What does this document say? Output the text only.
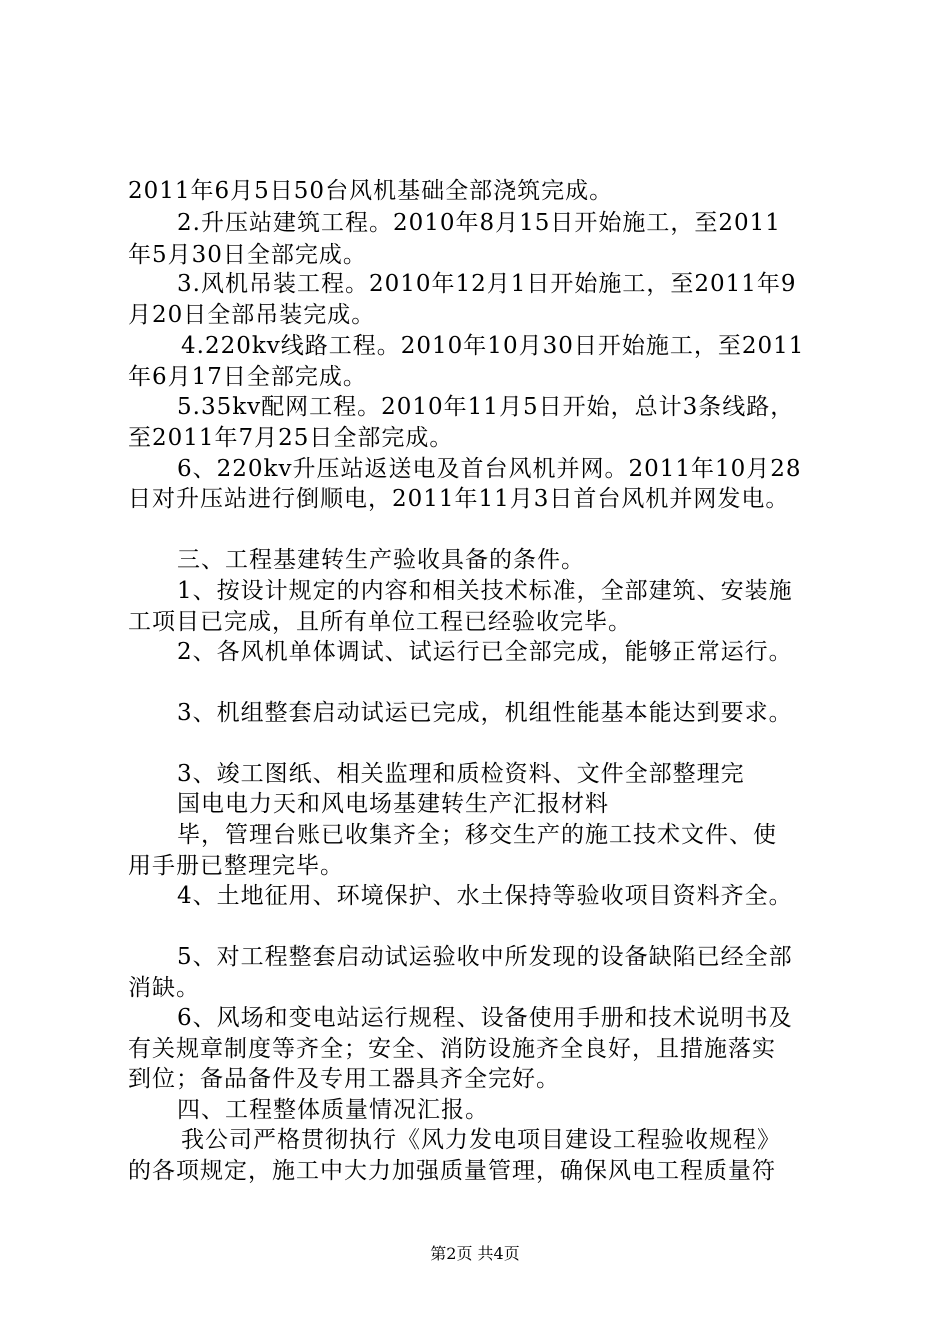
2011年6月5日50台风机基础全部浇筑完成。
2.升压站建筑工程。2010年8月15日开始施工，至2011
年5月30日全部完成。
3.风机吊装工程。2010年12月1日开始施工，至2011年9
月20日全部吊装完成。
4.220kv线路工程。2010年10月30日开始施工，至2011
年6月17日全部完成。
5.35kv配网工程。2010年11月5日开始，总计3条线路，
至2011年7月25日全部完成。
6、220kv升压站返送电及首台风机并网。2011年10月28
日对升压站进行倒顺电，2011年11月3日首台风机并网发电。
三、工程基建转生产验收具备的条件。
1、按设计规定的内容和相关技术标准，全部建筑、安装施
工项目已完成，且所有单位工程已经验收完毕。
2、各风机单体调试、试运行已全部完成，能够正常运行。
3、机组整套启动试运已完成，机组性能基本能达到要求。
3、竣工图纸、相关监理和质检资料、文件全部整理完
国电电力天和风电场基建转生产汇报材料
毕，管理台账已收集齐全；移交生产的施工技术文件、使
用手册已整理完毕。
4、土地征用、环境保护、水土保持等验收项目资料齐全。
5、对工程整套启动试运验收中所发现的设备缺陷已经全部
消缺。
6、风场和变电站运行规程、设备使用手册和技术说明书及
有关规章制度等齐全；安全、消防设施齐全良好，且措施落实
到位；备品备件及专用工器具齐全完好。
四、工程整体质量情况汇报。
我公司严格贯彻执行《风力发电项目建设工程验收规程》
的各项规定，施工中大力加强质量管理，确保风电工程质量符
第2页 共4页
